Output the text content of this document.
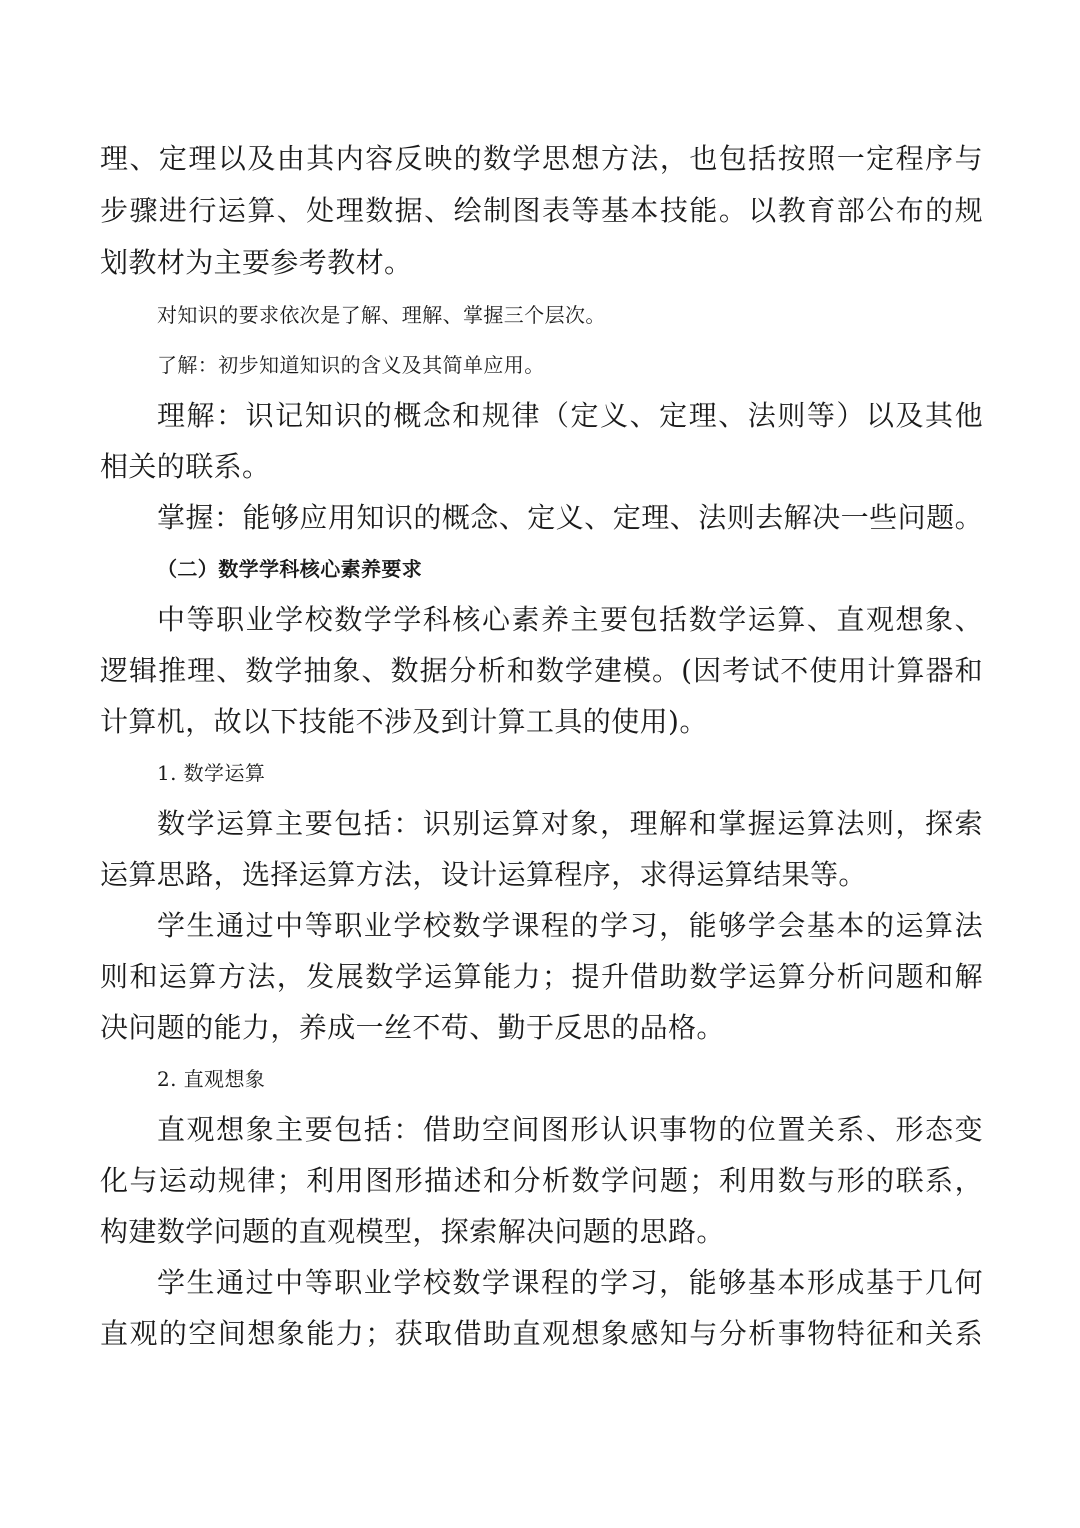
理、定理以及由其内容反映的数学思想方法，也包括按照一定程序与
步骤进行运算、处理数据、绘制图表等基本技能。以教育部公布的规
划教材为主要参考教材。
对知识的要求依次是了解、理解、掌握三个层次。
了解：初步知道知识的含义及其简单应用。
理解：识记知识的概念和规律（定义、定理、法则等）以及其他
相关的联系。
掌握：能够应用知识的概念、定义、定理、法则去解决一些问题。
（二）数学学科核心素养要求
中等职业学校数学学科核心素养主要包括数学运算、直观想象、
逻辑推理、数学抽象、数据分析和数学建模。(因考试不使用计算器和
计算机，故以下技能不涉及到计算工具的使用)。
1. 数学运算
数学运算主要包括：识别运算对象，理解和掌握运算法则，探索
运算思路，选择运算方法，设计运算程序，求得运算结果等。
学生通过中等职业学校数学课程的学习，能够学会基本的运算法
则和运算方法，发展数学运算能力；提升借助数学运算分析问题和解
决问题的能力，养成一丝不苟、勤于反思的品格。
2. 直观想象
直观想象主要包括：借助空间图形认识事物的位置关系、形态变
化与运动规律；利用图形描述和分析数学问题；利用数与形的联系，
构建数学问题的直观模型，探索解决问题的思路。
学生通过中等职业学校数学课程的学习，能够基本形成基于几何
直观的空间想象能力；获取借助直观想象感知与分析事物特征和关系
